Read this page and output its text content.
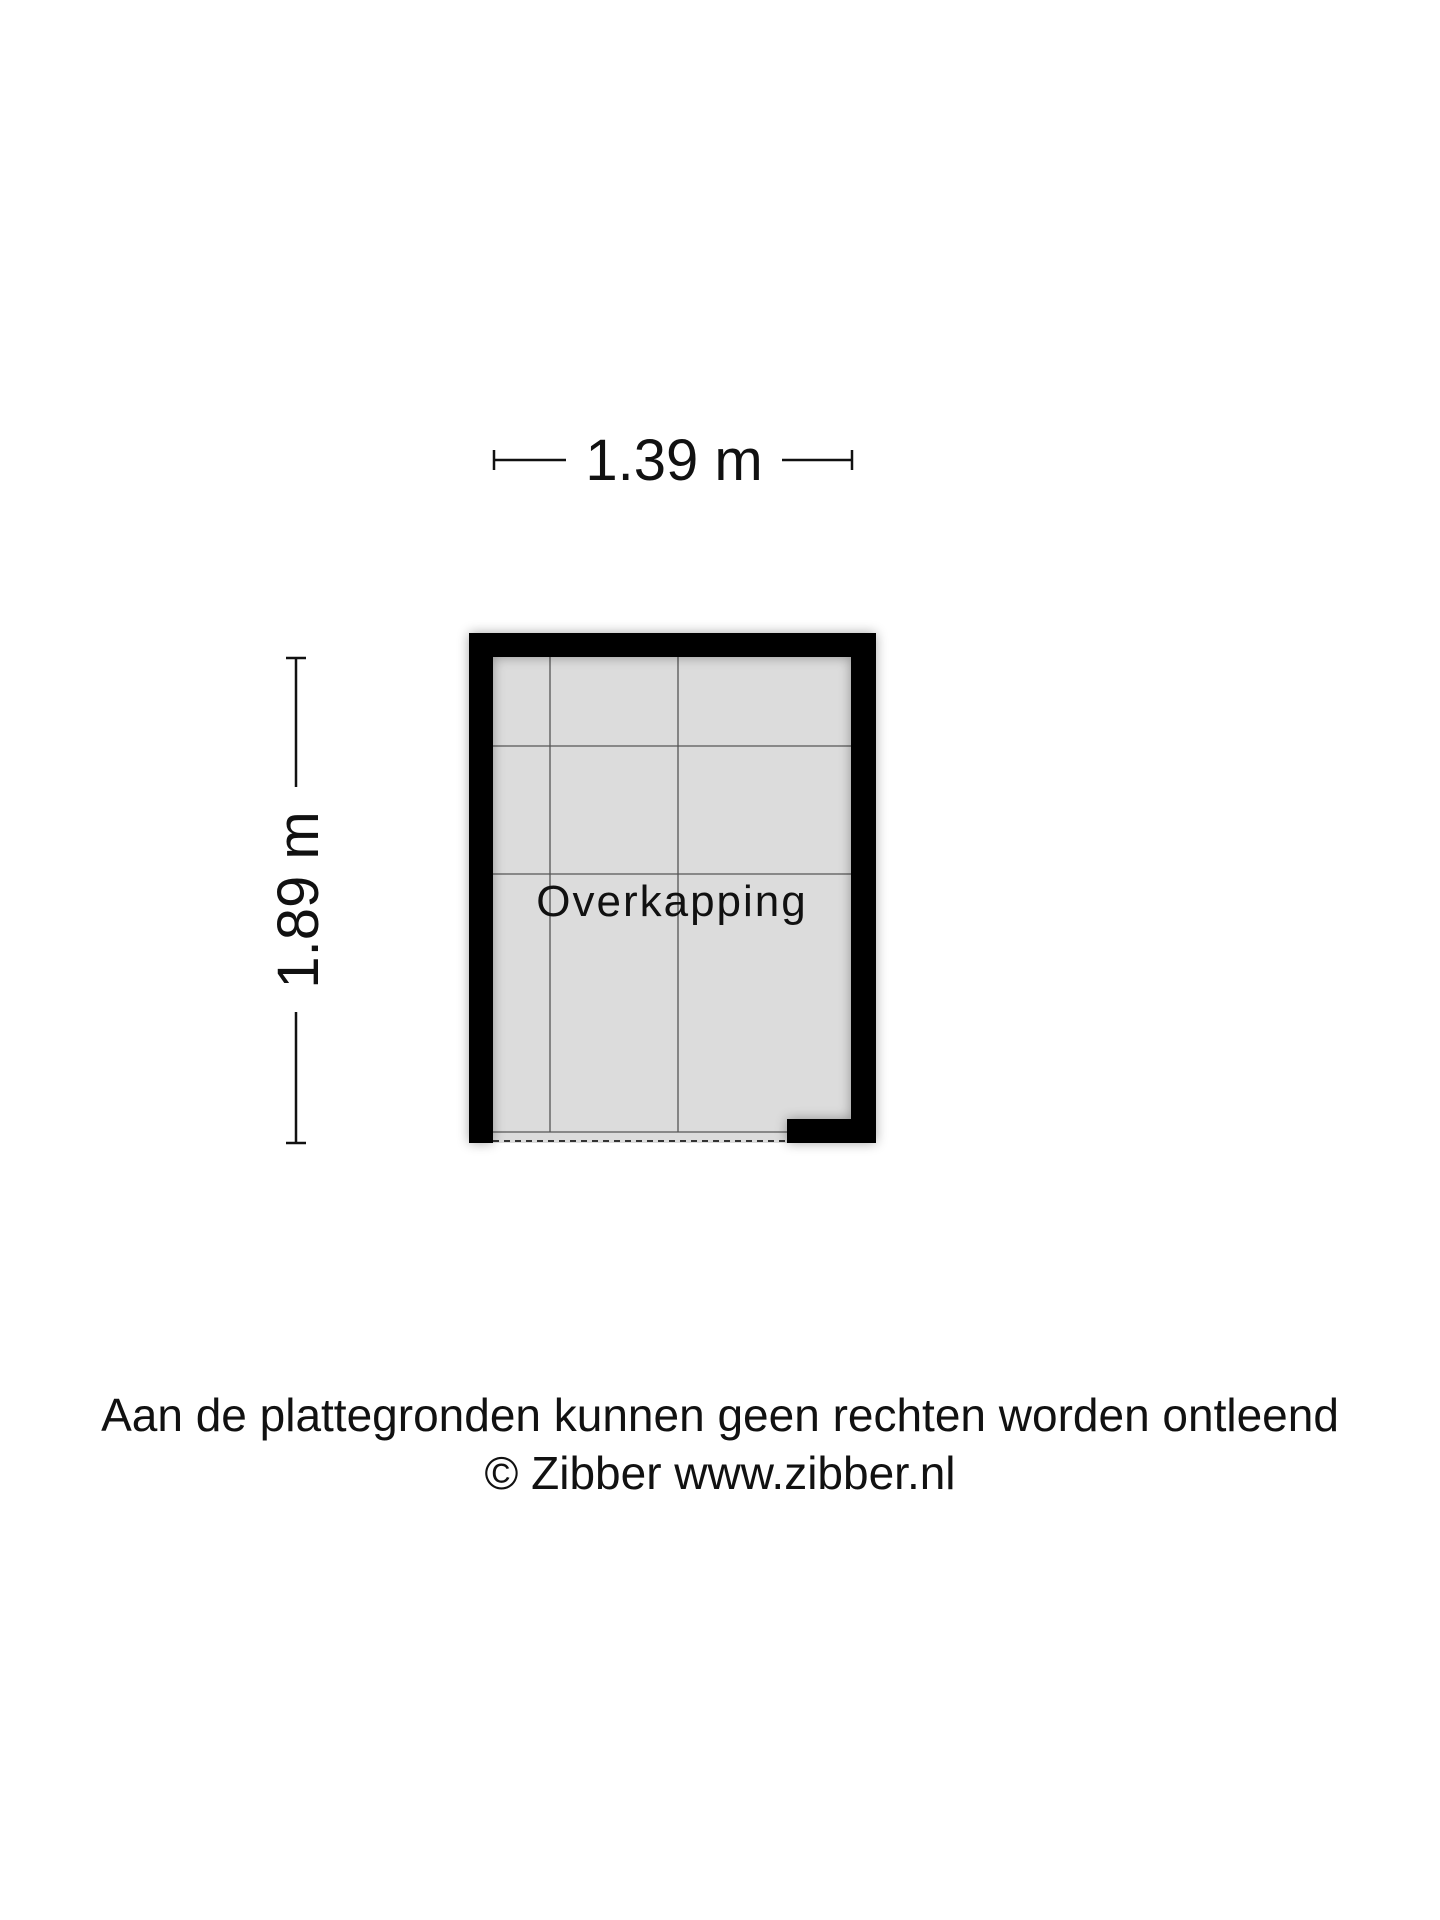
1.39 m
1.89 m	Overkapping
Aan de plattegronden kunnen geen rechten worden ontleend
© Zibber www.zibber.nl
